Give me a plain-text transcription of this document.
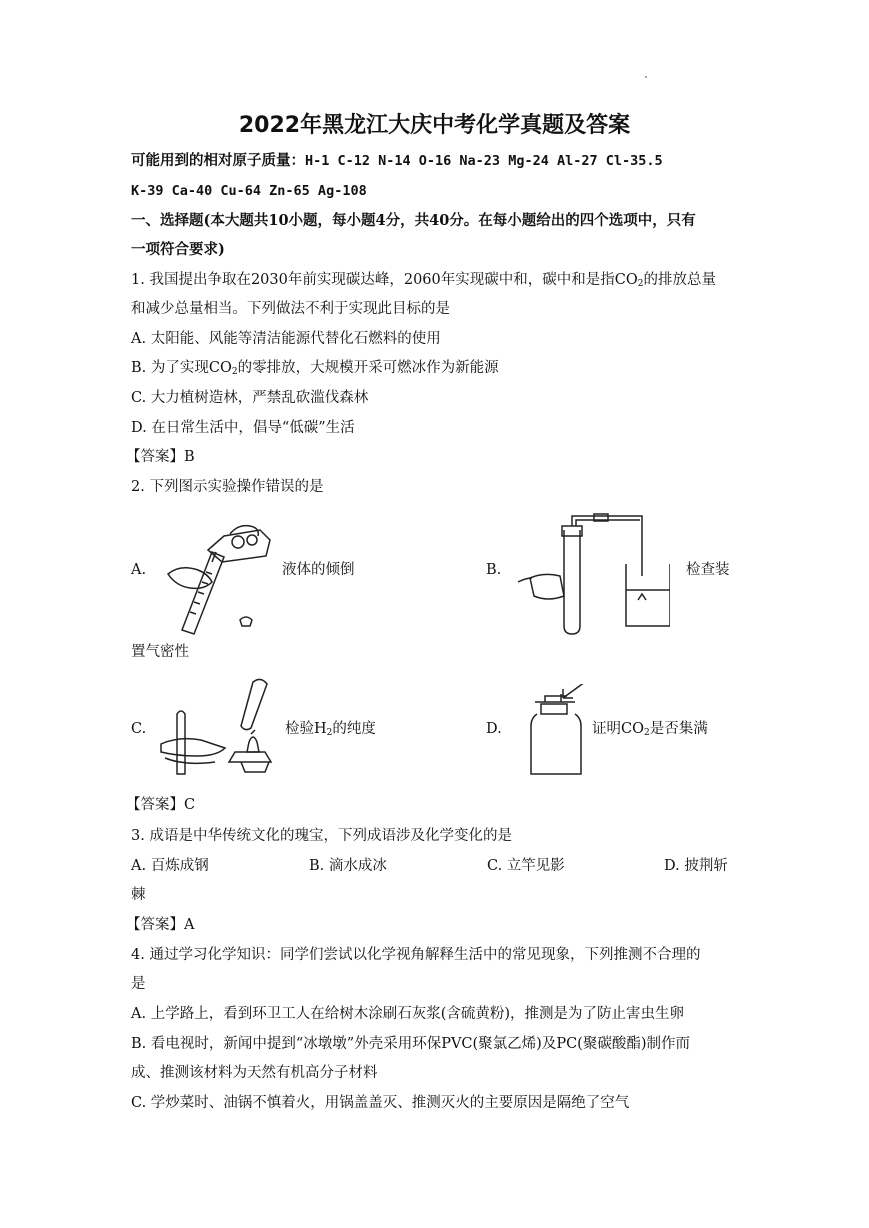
2022年黑龙江大庆中考化学真题及答案
可能用到的相对原子质量：H-1 C-12 N-14 O-16 Na-23 Mg-24 Al-27 Cl-35.5
K-39 Ca-40 Cu-64 Zn-65 Ag-108
一、选择题(本大题共10小题，每小题4分，共40分。在每小题给出的四个选项中，只有
一项符合要求)
1. 我国提出争取在2030年前实现碳达峰，2060年实现碳中和，碳中和是指$CO_2$的排放总量
和减少总量相当。下列做法不利于实现此目标的是
A. 太阳能、风能等清洁能源代替化石燃料的使用
B. 为了实现$CO_2$的零排放，大规模开采可燃冰作为新能源
C. 大力植树造林，严禁乱砍滥伐森林
D. 在日常生活中，倡导“低碳”生活
【答案】B
2. 下列图示实验操作错误的是
A.	液体的倾倒	B.	检查装
置气密性
C.	检验$H_2$的纯度	D.	证明$CO_2$是否集满
【答案】C
3. 成语是中华传统文化的瑰宝，下列成语涉及化学变化的是
A. 百炼成钢	B. 滴水成冰	C. 立竿见影	D. 披荆斩
棘
【答案】A
4. 通过学习化学知识：同学们尝试以化学视角解释生活中的常见现象，下列推测不合理的
是
A. 上学路上，看到环卫工人在给树木涂刷石灰浆(含硫黄粉)，推测是为了防止害虫生卵
B. 看电视时，新闻中提到“冰墩墩”外壳采用环保PVC(聚氯乙烯)及PC(聚碳酸酯)制作而
成、推测该材料为天然有机高分子材料
C. 学炒菜时、油锅不慎着火，用锅盖盖灭、推测灭火的主要原因是隔绝了空气
